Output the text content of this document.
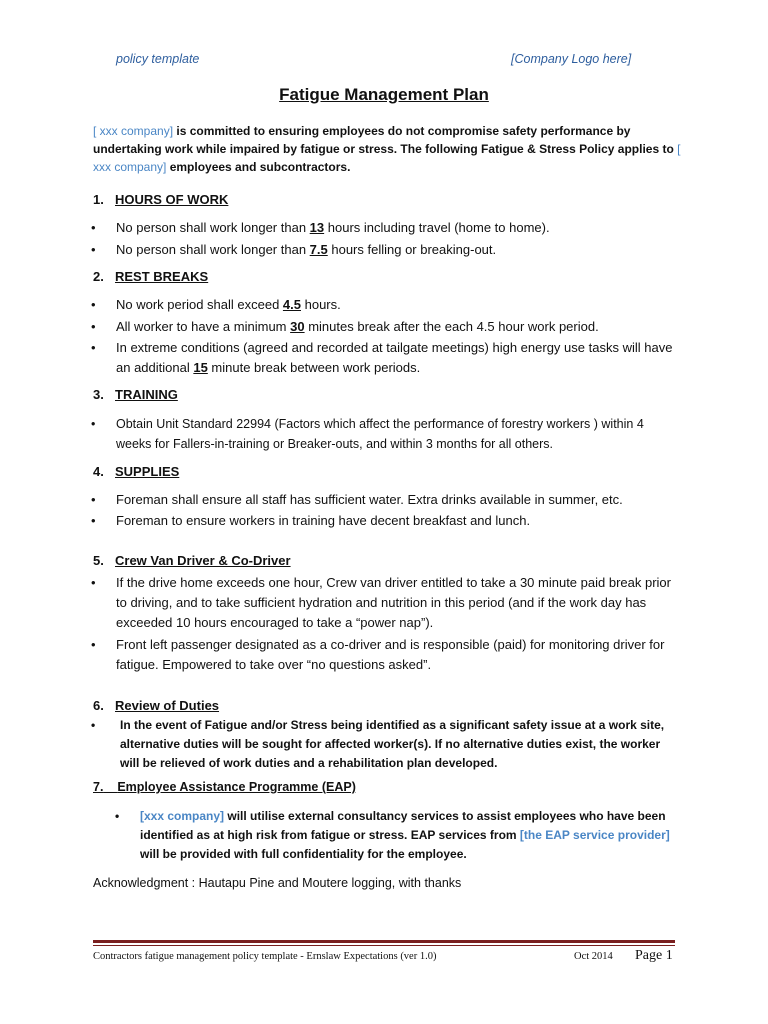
policy template	[Company Logo here]
Fatigue Management Plan
[ xxx company] is committed to ensuring employees do not compromise safety performance by undertaking work while impaired by fatigue or stress. The following Fatigue & Stress Policy applies to [ xxx company] employees and subcontractors.
1. HOURS OF WORK
• No person shall work longer than 13 hours including travel (home to home).
• No person shall work longer than 7.5 hours felling or breaking-out.
2. REST BREAKS
• No work period shall exceed 4.5 hours.
• All worker to have a minimum 30 minutes break after the each 4.5 hour work period.
• In extreme conditions (agreed and recorded at tailgate meetings) high energy use tasks will have an additional 15 minute break between work periods.
3. TRAINING
• Obtain Unit Standard 22994 (Factors which affect the performance of forestry workers ) within 4 weeks for Fallers-in-training or Breaker-outs, and within 3 months for all others.
4. SUPPLIES
• Foreman shall ensure all staff has sufficient water. Extra drinks available in summer, etc.
• Foreman to ensure workers in training have decent breakfast and lunch.
5. Crew Van Driver & Co-Driver
• If the drive home exceeds one hour, Crew van driver entitled to take a 30 minute paid break prior to driving, and to take sufficient hydration and nutrition in this period (and if the work day has exceeded 10 hours encouraged to take a “power nap”).
• Front left passenger designated as a co-driver and is responsible (paid) for monitoring driver for fatigue. Empowered to take over “no questions asked”.
6. Review of Duties
• In the event of Fatigue and/or Stress being identified as a significant safety issue at a work site, alternative duties will be sought for affected worker(s). If no alternative duties exist, the worker will be relieved of work duties and a rehabilitation plan developed.
7. Employee Assistance Programme (EAP)
• [xxx company] will utilise external consultancy services to assist employees who have been identified as at high risk from fatigue or stress. EAP services from [the EAP service provider] will be provided with full confidentiality for the employee.
Acknowledgment : Hautapu Pine and Moutere logging, with thanks
Contractors fatigue management policy template - Ernslaw Expectations (ver 1.0)	Oct 2014 Page 1
